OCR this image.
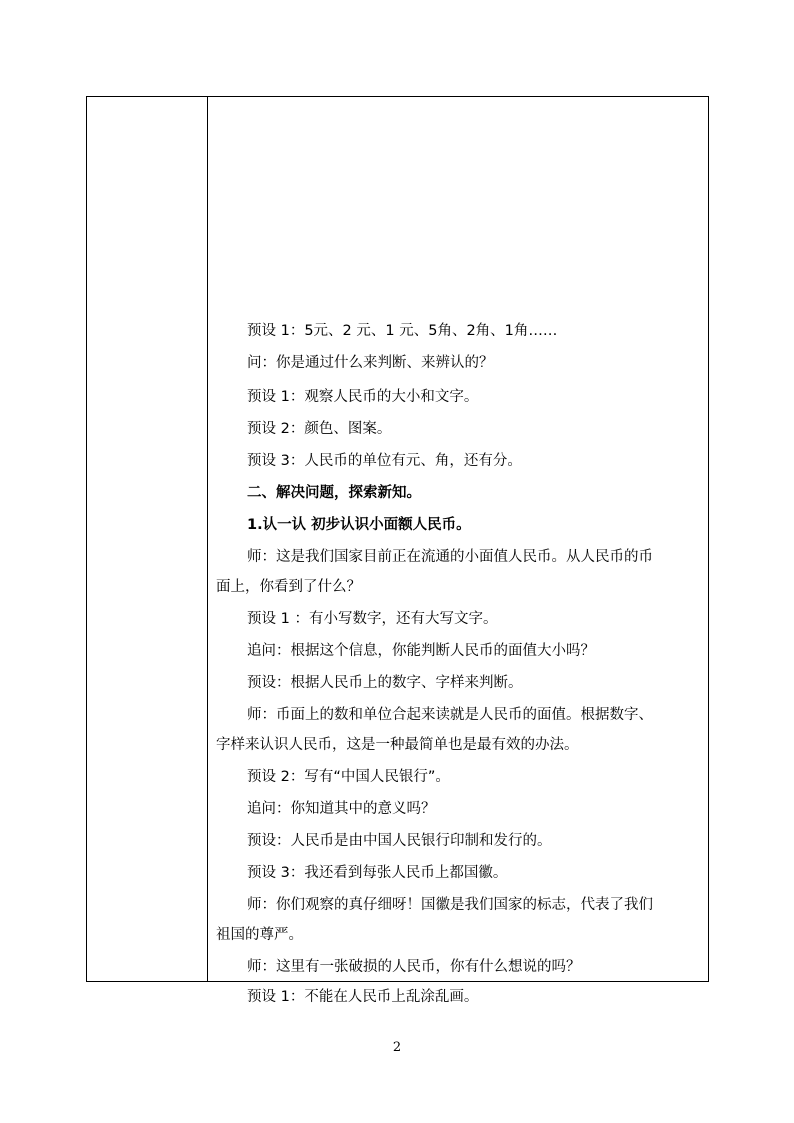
预设 1：5元、2 元、1 元、5角、2角、1角……
问：你是通过什么来判断、来辨认的？
预设 1：观察人民币的大小和文字。
预设 2：颜色、图案。
预设 3：人民币的单位有元、角，还有分。
二、解决问题，探索新知。
1.认一认 初步认识小面额人民币。
师：这是我们国家目前正在流通的小面值人民币。从人民币的币
面上，你看到了什么？
预设 1 ：有小写数字，还有大写文字。
追问：根据这个信息，你能判断人民币的面值大小吗？
预设：根据人民币上的数字、字样来判断。
师：币面上的数和单位合起来读就是人民币的面值。根据数字、
字样来认识人民币，这是一种最简单也是最有效的办法。
预设 2：写有“中国人民银行”。
追问：你知道其中的意义吗？
预设：人民币是由中国人民银行印制和发行的。
预设 3：我还看到每张人民币上都国徽。
师：你们观察的真仔细呀！国徽是我们国家的标志，代表了我们
祖国的尊严。
师：这里有一张破损的人民币，你有什么想说的吗？
预设 1：不能在人民币上乱涂乱画。
2
